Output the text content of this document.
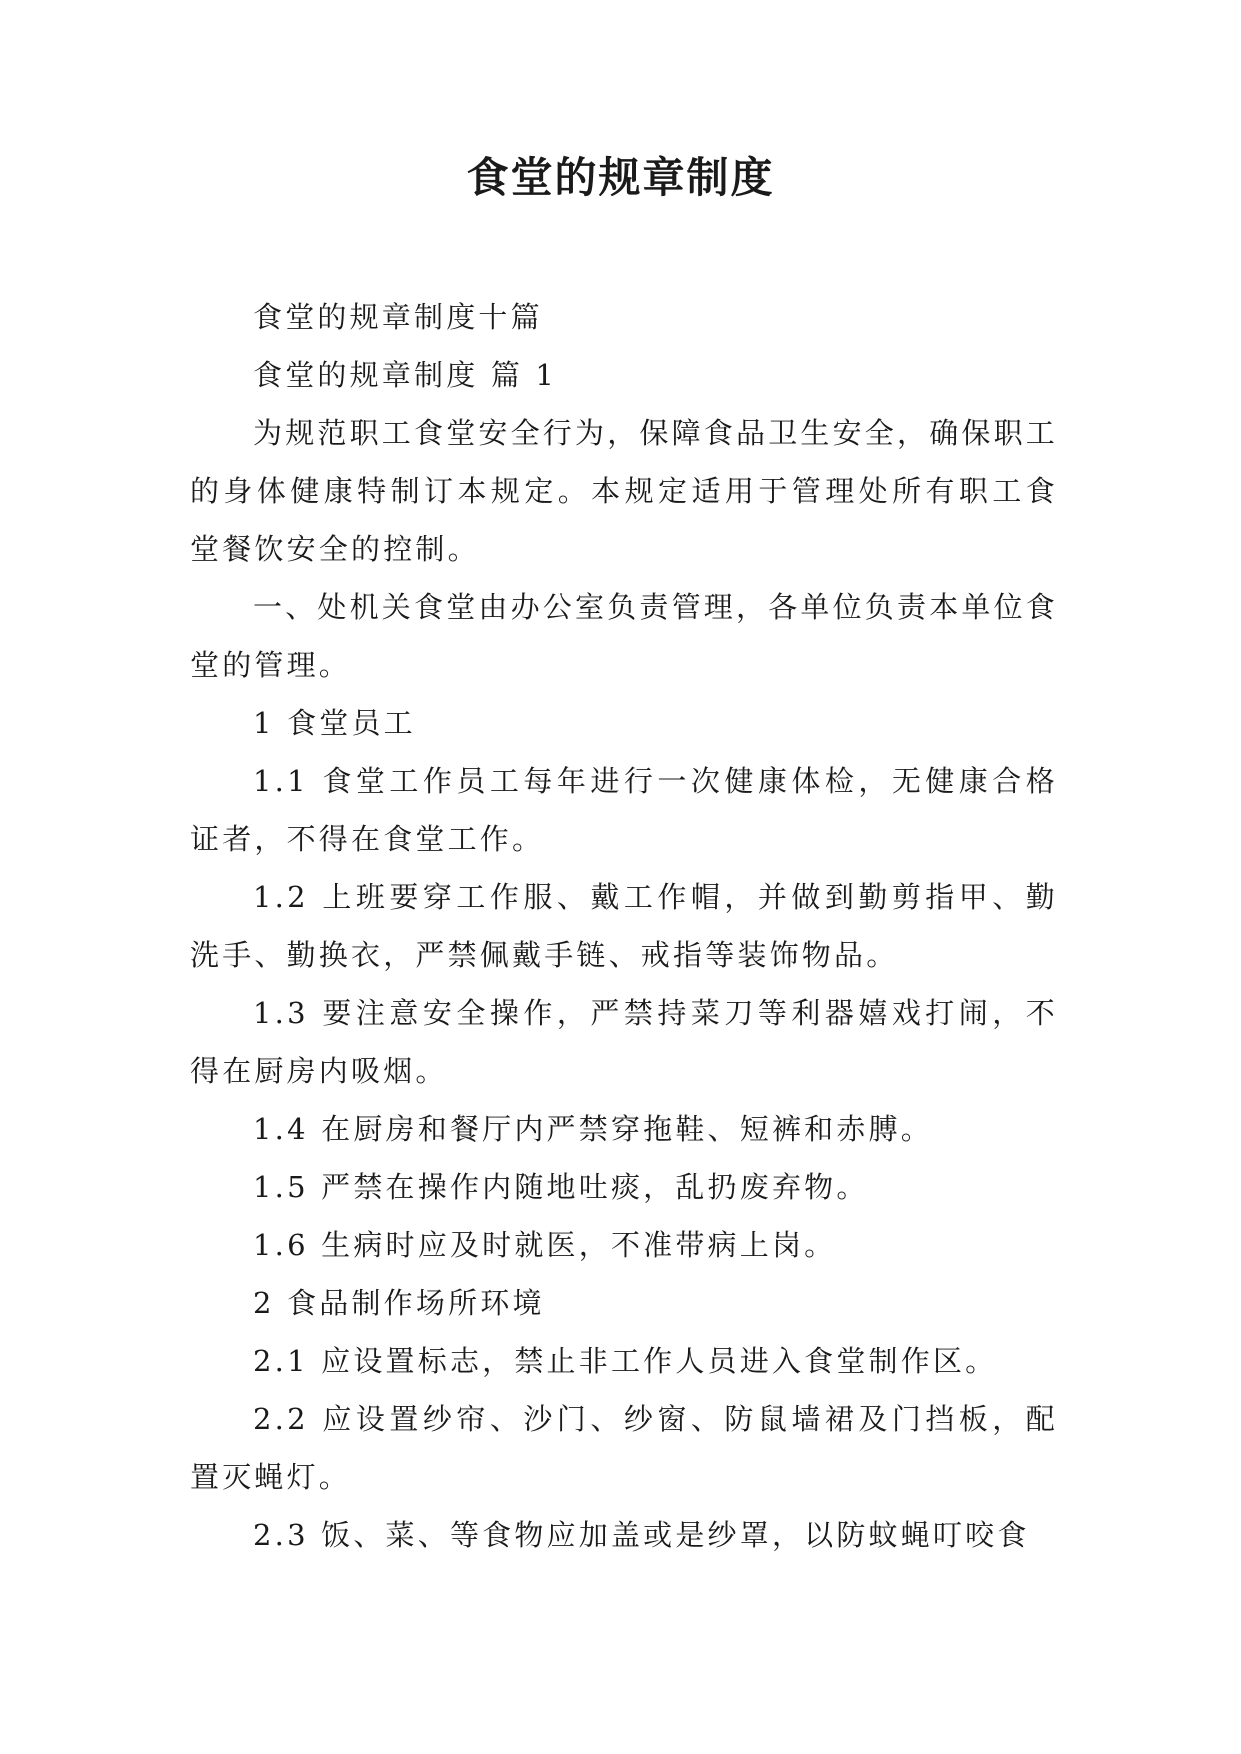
食堂的规章制度

食堂的规章制度十篇

食堂的规章制度 篇 1

为规范职工食堂安全行为，保障食品卫生安全，确保职工的身体健康特制订本规定。本规定适用于管理处所有职工食堂餐饮安全的控制。

一、处机关食堂由办公室负责管理，各单位负责本单位食堂的管理。

1 食堂员工

1.1 食堂工作员工每年进行一次健康体检，无健康合格证者，不得在食堂工作。

1.2 上班要穿工作服、戴工作帽，并做到勤剪指甲、勤洗手、勤换衣，严禁佩戴手链、戒指等装饰物品。

1.3 要注意安全操作，严禁持菜刀等利器嬉戏打闹，不得在厨房内吸烟。

1.4 在厨房和餐厅内严禁穿拖鞋、短裤和赤膊。

1.5 严禁在操作内随地吐痰，乱扔废弃物。

1.6 生病时应及时就医，不准带病上岗。

2 食品制作场所环境

2.1 应设置标志，禁止非工作人员进入食堂制作区。

2.2 应设置纱帘、沙门、纱窗、防鼠墙裙及门挡板，配置灭蝇灯。

2.3 饭、菜、等食物应加盖或是纱罩，以防蚊蝇叮咬食
